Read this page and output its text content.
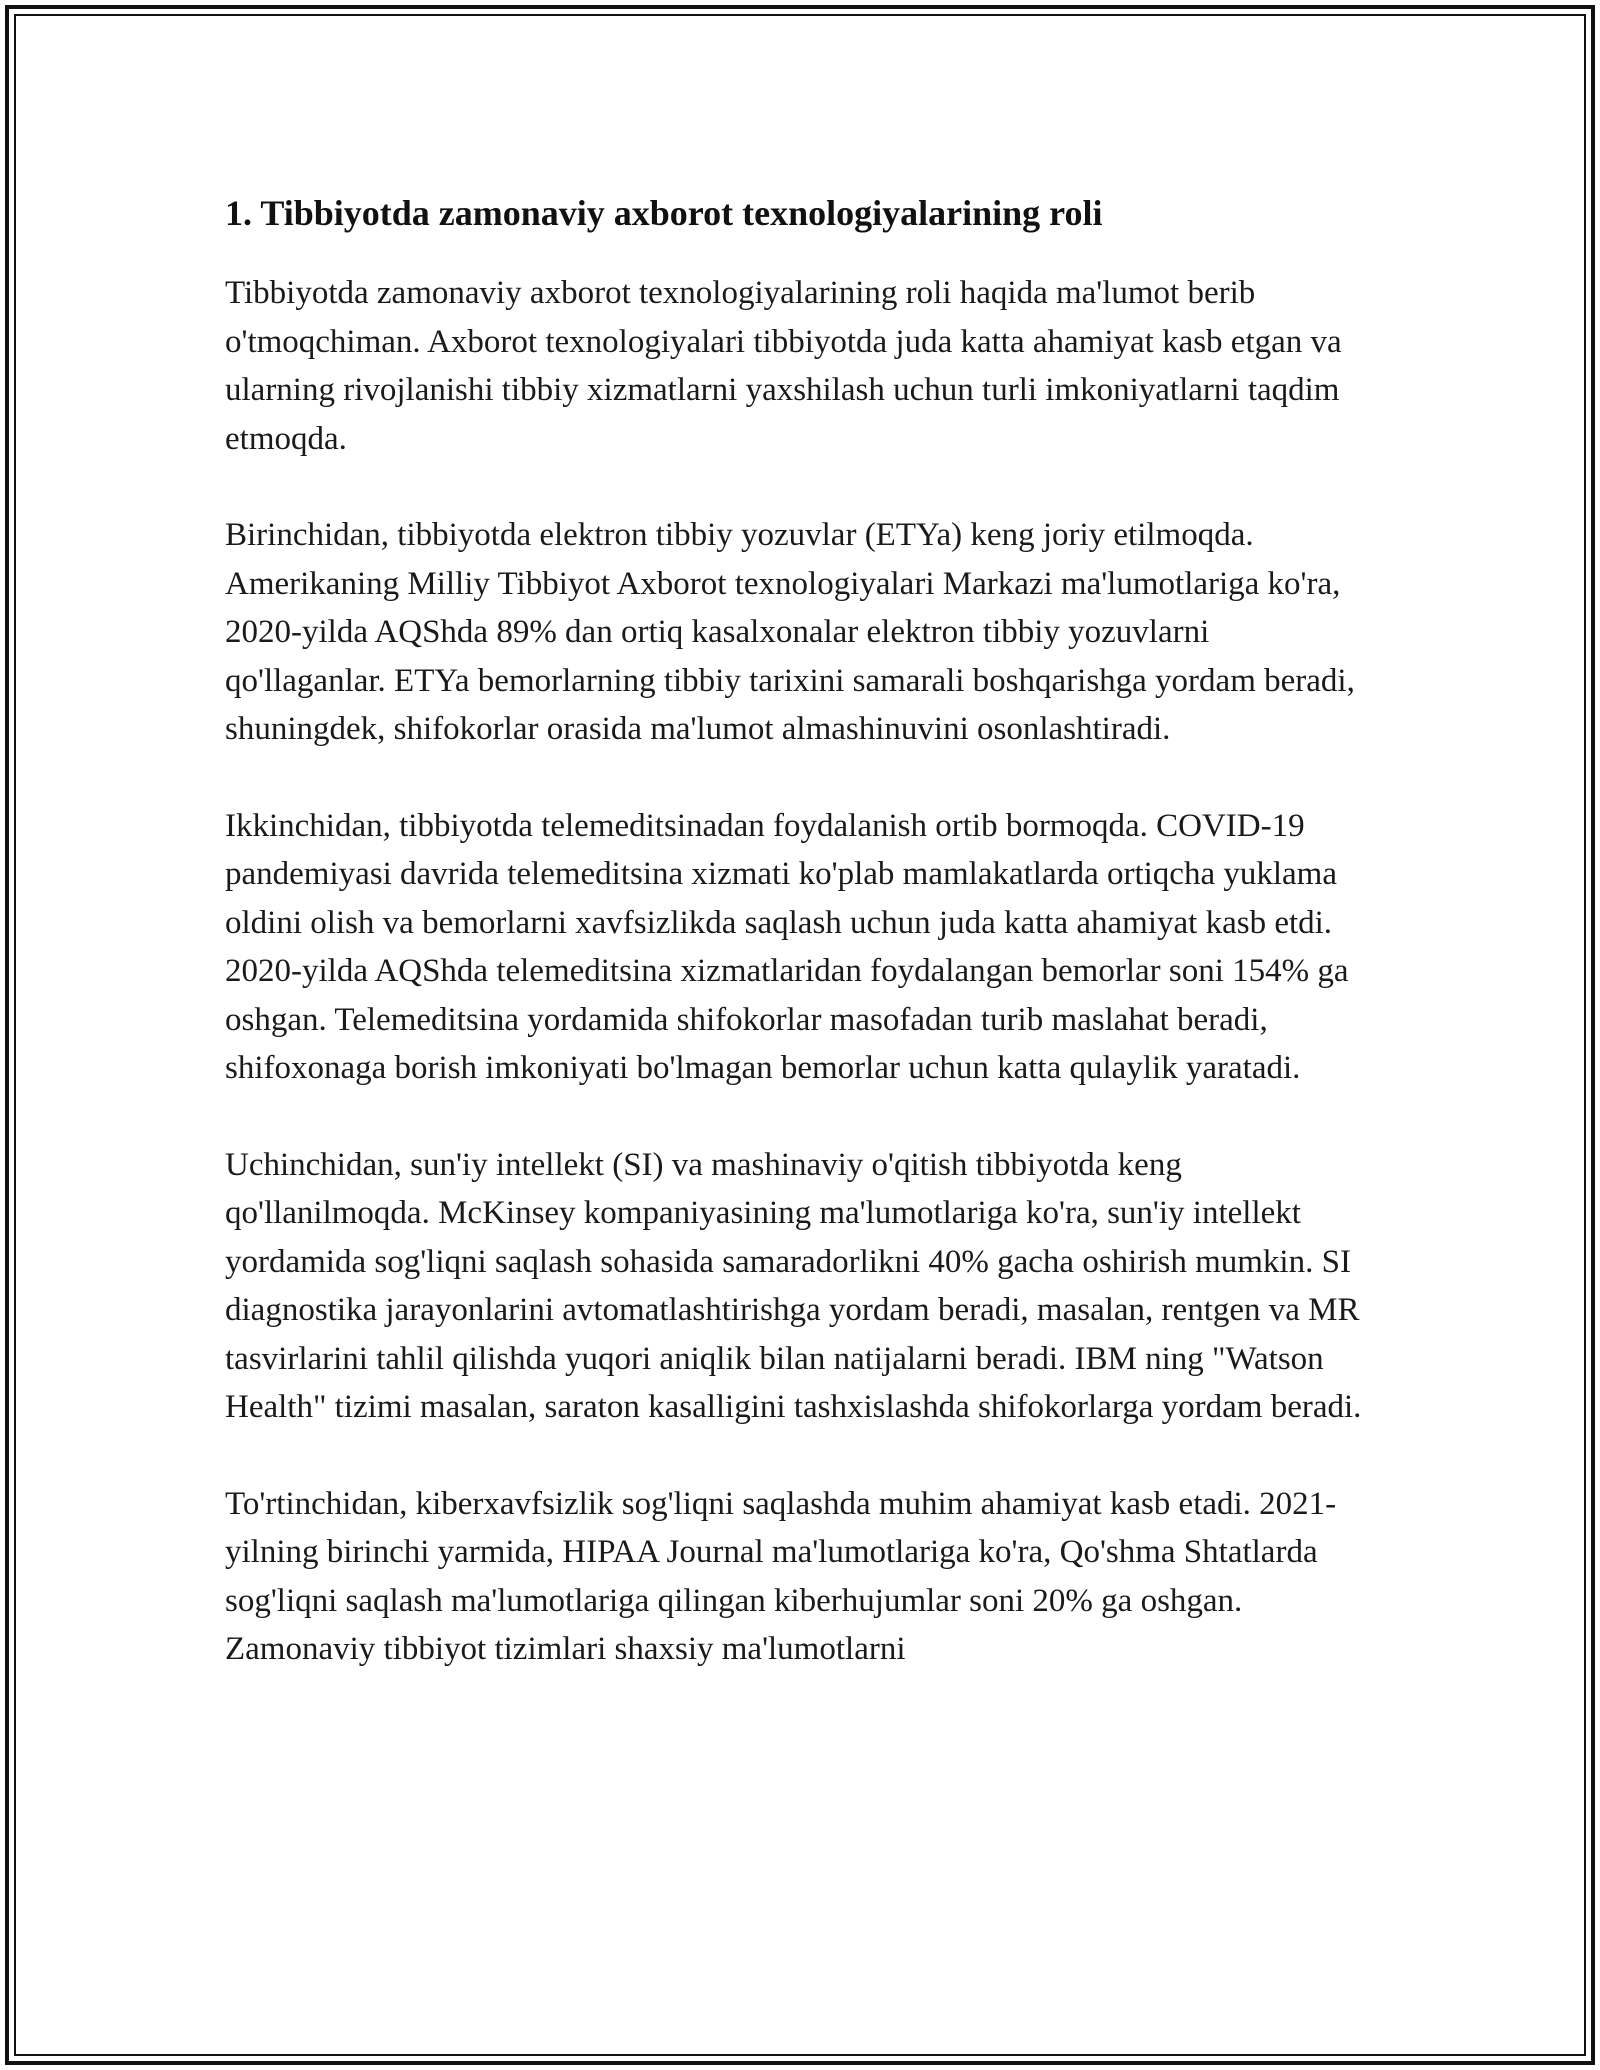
1. Tibbiyotda zamonaviy axborot texnologiyalarining roli

Tibbiyotda zamonaviy axborot texnologiyalarining roli haqida ma'lumot berib o'tmoqchiman. Axborot texnologiyalari tibbiyotda juda katta ahamiyat kasb etgan va ularning rivojlanishi tibbiy xizmatlarni yaxshilash uchun turli imkoniyatlarni taqdim etmoqda.

Birinchidan, tibbiyotda elektron tibbiy yozuvlar (ETYa) keng joriy etilmoqda. Amerikaning Milliy Tibbiyot Axborot texnologiyalari Markazi ma'lumotlariga ko'ra, 2020-yilda AQShda 89% dan ortiq kasalxonalar elektron tibbiy yozuvlarni qo'llaganlar. ETYa bemorlarning tibbiy tarixini samarali boshqarishga yordam beradi, shuningdek, shifokorlar orasida ma'lumot almashinuvini osonlashtiradi.

Ikkinchidan, tibbiyotda telemeditsinadan foydalanish ortib bormoqda. COVID-19 pandemiyasi davrida telemeditsina xizmati ko'plab mamlakatlarda ortiqcha yuklama oldini olish va bemorlarni xavfsizlikda saqlash uchun juda katta ahamiyat kasb etdi. 2020-yilda AQShda telemeditsina xizmatlaridan foydalangan bemorlar soni 154% ga oshgan. Telemeditsina yordamida shifokorlar masofadan turib maslahat beradi, shifoxonaga borish imkoniyati bo'lmagan bemorlar uchun katta qulaylik yaratadi.

Uchinchidan, sun'iy intellekt (SI) va mashinaviy o'qitish tibbiyotda keng qo'llanilmoqda. McKinsey kompaniyasining ma'lumotlariga ko'ra, sun'iy intellekt yordamida sog'liqni saqlash sohasida samaradorlikni 40% gacha oshirish mumkin. SI diagnostika jarayonlarini avtomatlashtirishga yordam beradi, masalan, rentgen va MR tasvirlarini tahlil qilishda yuqori aniqlik bilan natijalarni beradi. IBM ning "Watson Health" tizimi masalan, saraton kasalligini tashxislashda shifokorlarga yordam beradi.

To'rtinchidan, kiberxavfsizlik sog'liqni saqlashda muhim ahamiyat kasb etadi. 2021-yilning birinchi yarmida, HIPAA Journal ma'lumotlariga ko'ra, Qo'shma Shtatlarda sog'liqni saqlash ma'lumotlariga qilingan kiberhujumlar soni 20% ga oshgan. Zamonaviy tibbiyot tizimlari shaxsiy ma'lumotlarni
